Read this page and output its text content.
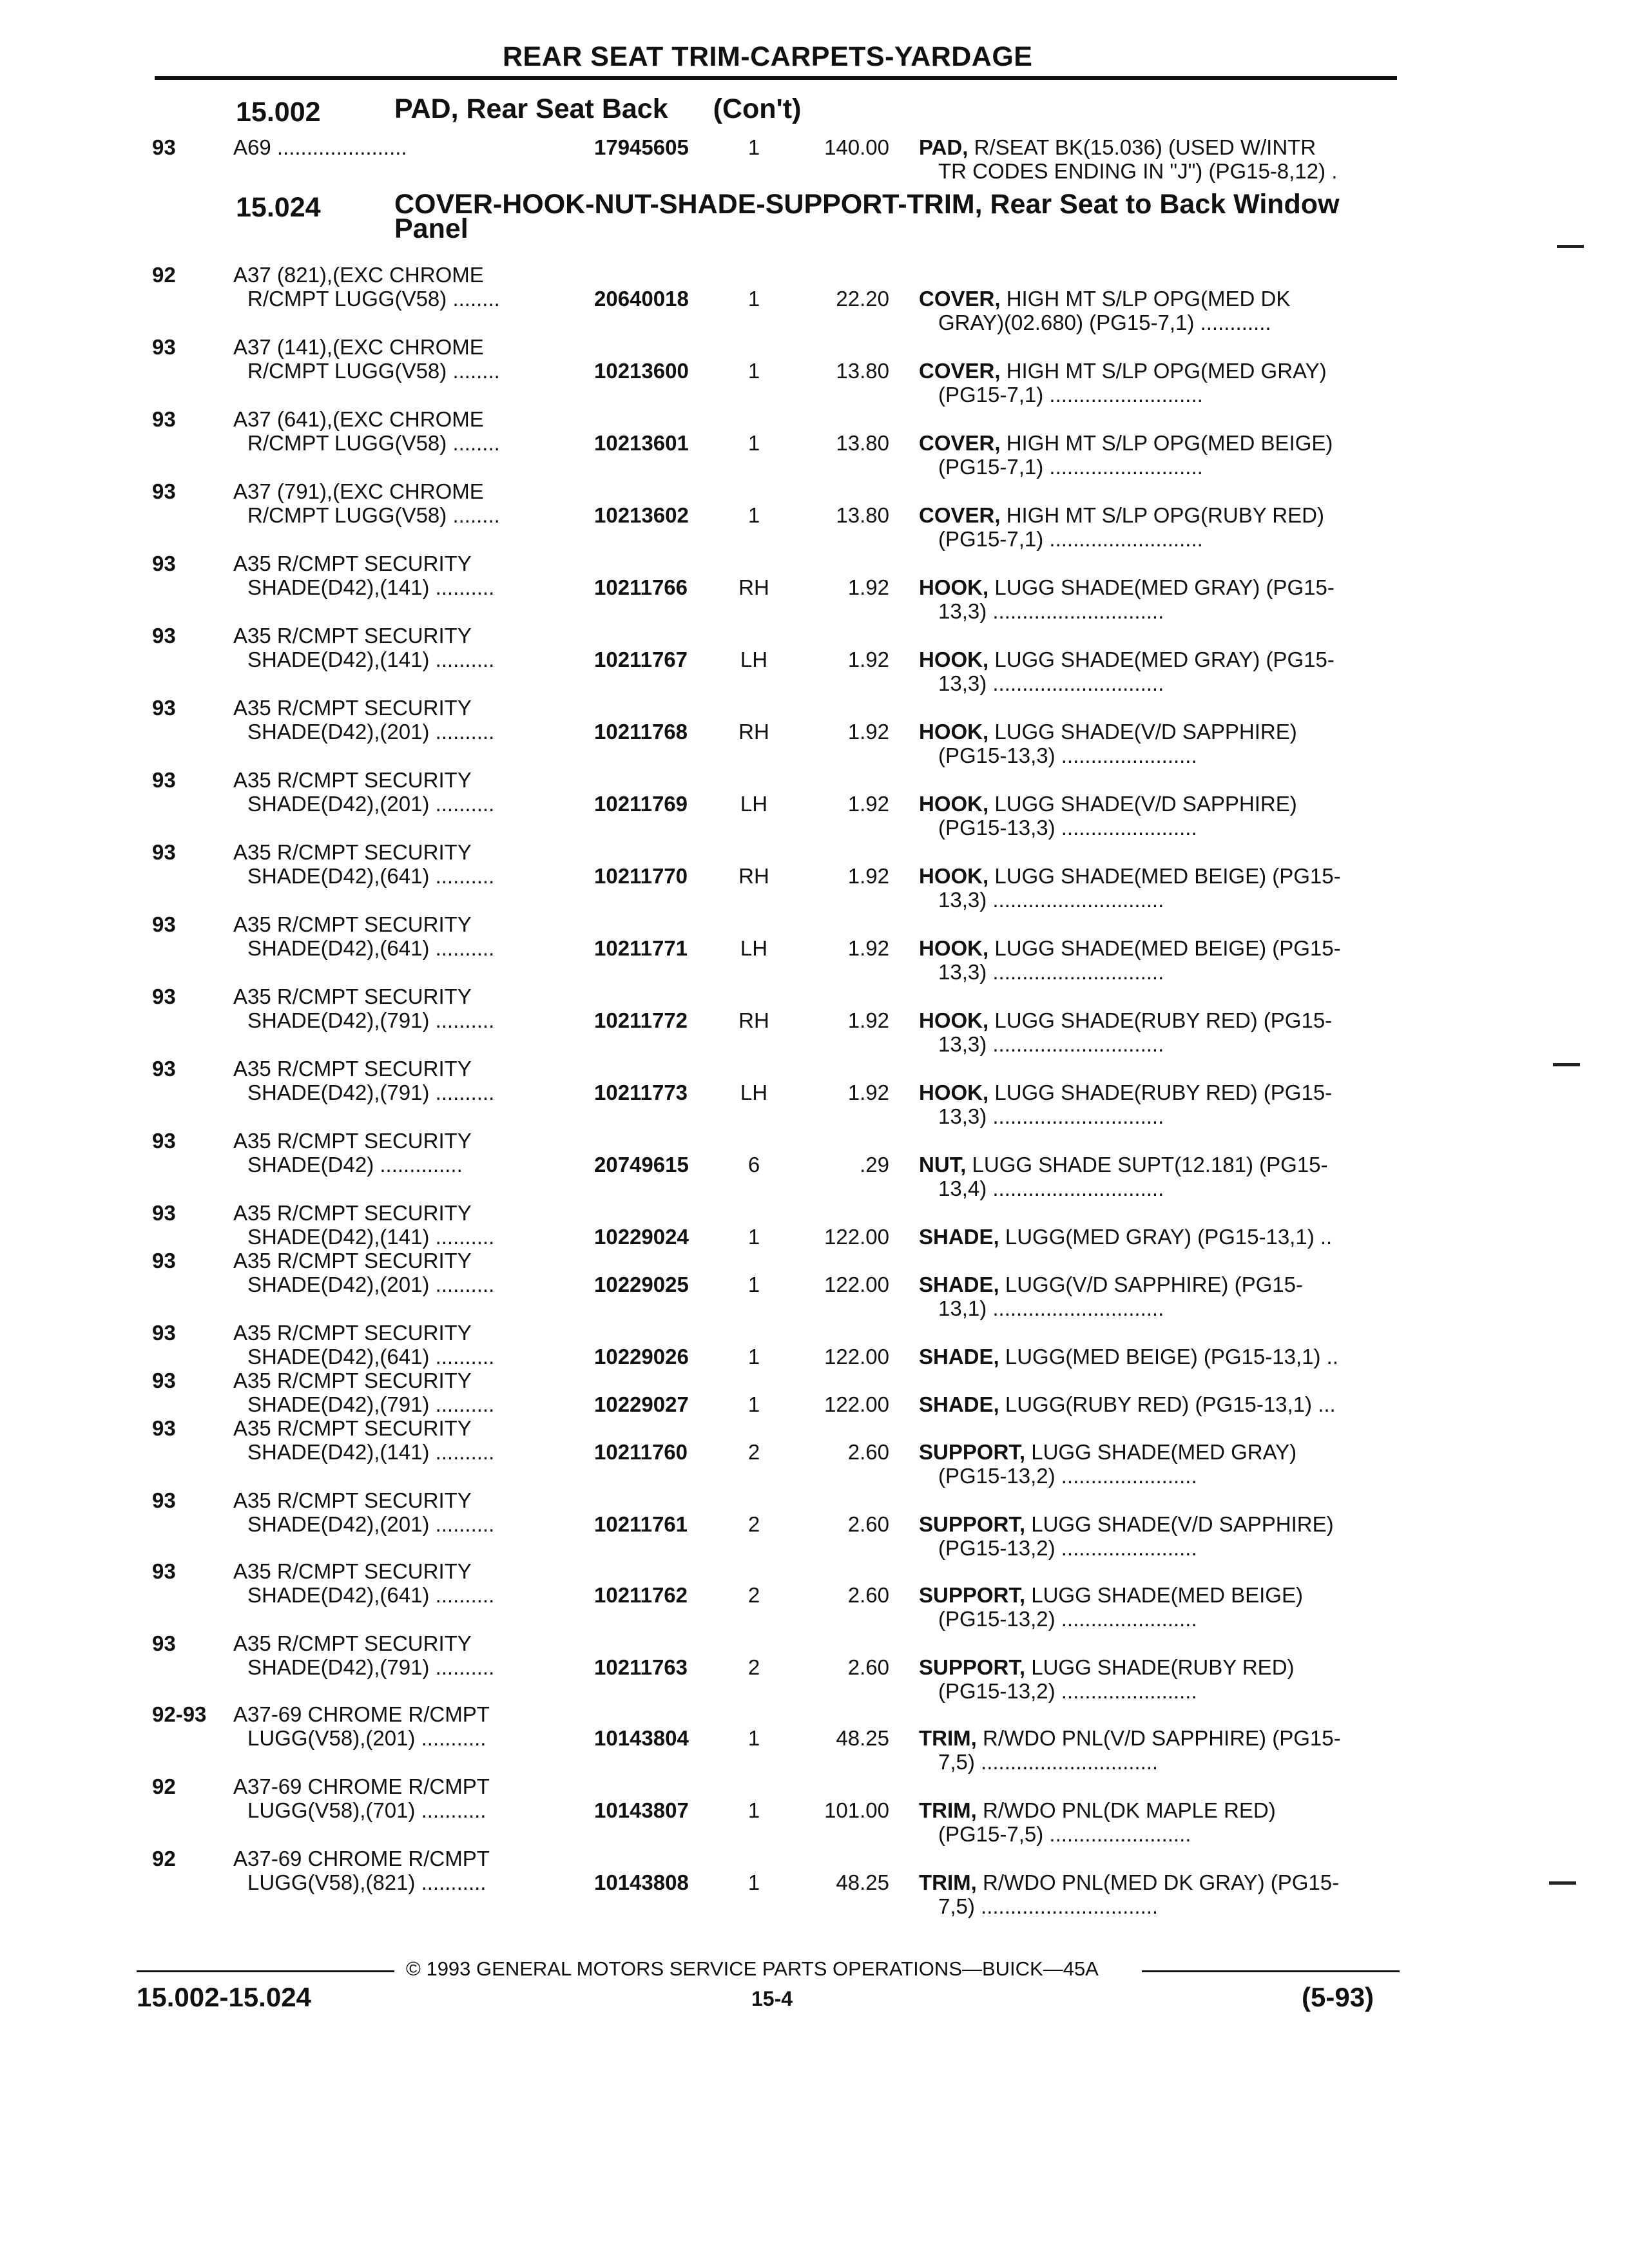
REAR SEAT TRIM-CARPETS-YARDAGE
15.002	PAD, Rear Seat Back (Con't)
15.024	COVER-HOOK-NUT-SHADE-SUPPORT-TRIM, Rear Seat to Back Window Panel
93	A69 ......................	17945605	1	140.00 PAD, R/SEAT BK(15.036) (USED W/INTR
TR CODES ENDING IN "J") (PG15-8,12) .
92	A37 (821),(EXC CHROME
R/CMPT LUGG(V58) ........	20640018	1	22.20 COVER, HIGH MT S/LP OPG(MED DK
GRAY)(02.680) (PG15-7,1) ............
93	A37 (141),(EXC CHROME
R/CMPT LUGG(V58) ........	10213600	1	13.80 COVER, HIGH MT S/LP OPG(MED GRAY)
(PG15-7,1) ..........................
93	A37 (641),(EXC CHROME
R/CMPT LUGG(V58) ........	10213601	1	13.80 COVER, HIGH MT S/LP OPG(MED BEIGE)
(PG15-7,1) ..........................
93	A37 (791),(EXC CHROME
R/CMPT LUGG(V58) ........	10213602	1	13.80 COVER, HIGH MT S/LP OPG(RUBY RED)
(PG15-7,1) ..........................
93	A35 R/CMPT SECURITY
SHADE(D42),(141) ..........	10211766	RH	1.92 HOOK, LUGG SHADE(MED GRAY) (PG15-
13,3) .............................
93	A35 R/CMPT SECURITY
SHADE(D42),(141) ..........	10211767	LH	1.92 HOOK, LUGG SHADE(MED GRAY) (PG15-
13,3) .............................
93	A35 R/CMPT SECURITY
SHADE(D42),(201) ..........	10211768	RH	1.92 HOOK, LUGG SHADE(V/D SAPPHIRE)
(PG15-13,3) .......................
93	A35 R/CMPT SECURITY
SHADE(D42),(201) ..........	10211769	LH	1.92 HOOK, LUGG SHADE(V/D SAPPHIRE)
(PG15-13,3) .......................
93	A35 R/CMPT SECURITY
SHADE(D42),(641) ..........	10211770	RH	1.92 HOOK, LUGG SHADE(MED BEIGE) (PG15-
13,3) .............................
93	A35 R/CMPT SECURITY
SHADE(D42),(641) ..........	10211771	LH	1.92 HOOK, LUGG SHADE(MED BEIGE) (PG15-
13,3) .............................
93	A35 R/CMPT SECURITY
SHADE(D42),(791) ..........	10211772	RH	1.92 HOOK, LUGG SHADE(RUBY RED) (PG15-
13,3) .............................
93	A35 R/CMPT SECURITY
SHADE(D42),(791) ..........	10211773	LH	1.92 HOOK, LUGG SHADE(RUBY RED) (PG15-
13,3) .............................
93	A35 R/CMPT SECURITY
SHADE(D42) ..............	20749615	6	.29 NUT, LUGG SHADE SUPT(12.181) (PG15-
13,4) .............................
93	A35 R/CMPT SECURITY
SHADE(D42),(141) ..........	10229024	1	122.00 SHADE, LUGG(MED GRAY) (PG15-13,1) ..
93	A35 R/CMPT SECURITY
SHADE(D42),(201) ..........	10229025	1	122.00 SHADE, LUGG(V/D SAPPHIRE) (PG15-
13,1) .............................
93	A35 R/CMPT SECURITY
SHADE(D42),(641) ..........	10229026	1	122.00 SHADE, LUGG(MED BEIGE) (PG15-13,1) ..
93	A35 R/CMPT SECURITY
SHADE(D42),(791) ..........	10229027	1	122.00 SHADE, LUGG(RUBY RED) (PG15-13,1) ...
93	A35 R/CMPT SECURITY
SHADE(D42),(141) ..........	10211760	2	2.60 SUPPORT, LUGG SHADE(MED GRAY)
(PG15-13,2) .......................
93	A35 R/CMPT SECURITY
SHADE(D42),(201) ..........	10211761	2	2.60 SUPPORT, LUGG SHADE(V/D SAPPHIRE)
(PG15-13,2) .......................
93	A35 R/CMPT SECURITY
SHADE(D42),(641) ..........	10211762	2	2.60 SUPPORT, LUGG SHADE(MED BEIGE)
(PG15-13,2) .......................
93	A35 R/CMPT SECURITY
SHADE(D42),(791) ..........	10211763	2	2.60 SUPPORT, LUGG SHADE(RUBY RED)
(PG15-13,2) .......................
92-93 A37-69 CHROME R/CMPT
LUGG(V58),(201) ...........	10143804	1	48.25 TRIM, R/WDO PNL(V/D SAPPHIRE) (PG15-
7,5) ..............................
92	A37-69 CHROME R/CMPT
LUGG(V58),(701) ...........	10143807	1	101.00 TRIM, R/WDO PNL(DK MAPLE RED)
(PG15-7,5) ........................
92	A37-69 CHROME R/CMPT
LUGG(V58),(821) ...........	10143808	1	48.25 TRIM, R/WDO PNL(MED DK GRAY) (PG15-
7,5) ..............................
© 1993 GENERAL MOTORS SERVICE PARTS OPERATIONS—BUICK—45A
15.002-15.024	15-4	(5-93)
